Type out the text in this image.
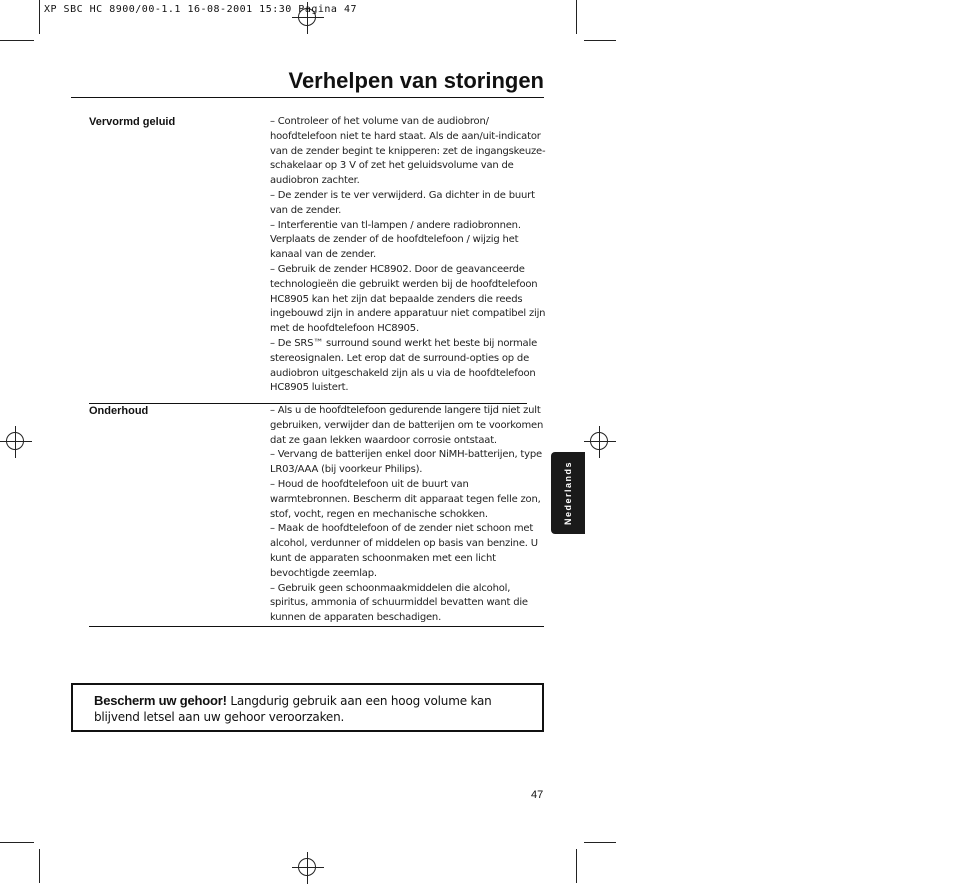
XP SBC HC 8900/00-1.1 16-08-2001 15:30 Pagina 47
Verhelpen van storingen
Vervormd geluid	– Controleer of het volume van de audiobron/ hoofdtelefoon niet te hard staat. Als de aan/uit-indicator van de zender begint te knipperen: zet de ingangskeuze-schakelaar op 3 V of zet het geluidsvolume van de audiobron zachter.

– De zender is te ver verwijderd. Ga dichter in de buurt van de zender.

– Interferentie van tl-lampen / andere radiobronnen. Verplaats de zender of de hoofdtelefoon / wijzig het kanaal van de zender.

– Gebruik de zender HC8902. Door de geavanceerde technologieën die gebruikt werden bij de hoofdtelefoon HC8905 kan het zijn dat bepaalde zenders die reeds ingebouwd zijn in andere apparatuur niet compatibel zijn met de hoofdtelefoon HC8905.

– De SRS™ surround sound werkt het beste bij normale stereosignalen. Let erop dat de surround-opties op de audiobron uitgeschakeld zijn als u via de hoofdtelefoon HC8905 luistert.

Onderhoud	– Als u de hoofdtelefoon gedurende langere tijd niet zult gebruiken, verwijder dan de batterijen om te voorkomen dat ze gaan lekken waardoor corrosie ontstaat.

– Vervang de batterijen enkel door NiMH-batterijen, type LR03/AAA (bij voorkeur Philips).

– Houd de hoofdtelefoon uit de buurt van warmtebronnen. Bescherm dit apparaat tegen felle zon, stof, vocht, regen en mechanische schokken.

– Maak de hoofdtelefoon of de zender niet schoon met alcohol, verdunner of middelen op basis van benzine. U kunt de apparaten schoonmaken met een licht bevochtigde zeemlap.

– Gebruik geen schoonmaakmiddelen die alcohol, spiritus, ammonia of schuurmiddel bevatten want die kunnen de apparaten beschadigen.

Nederlands
Bescherm uw gehoor! Langdurig gebruik aan een hoog volume kan blijvend letsel aan uw gehoor veroorzaken.
47
